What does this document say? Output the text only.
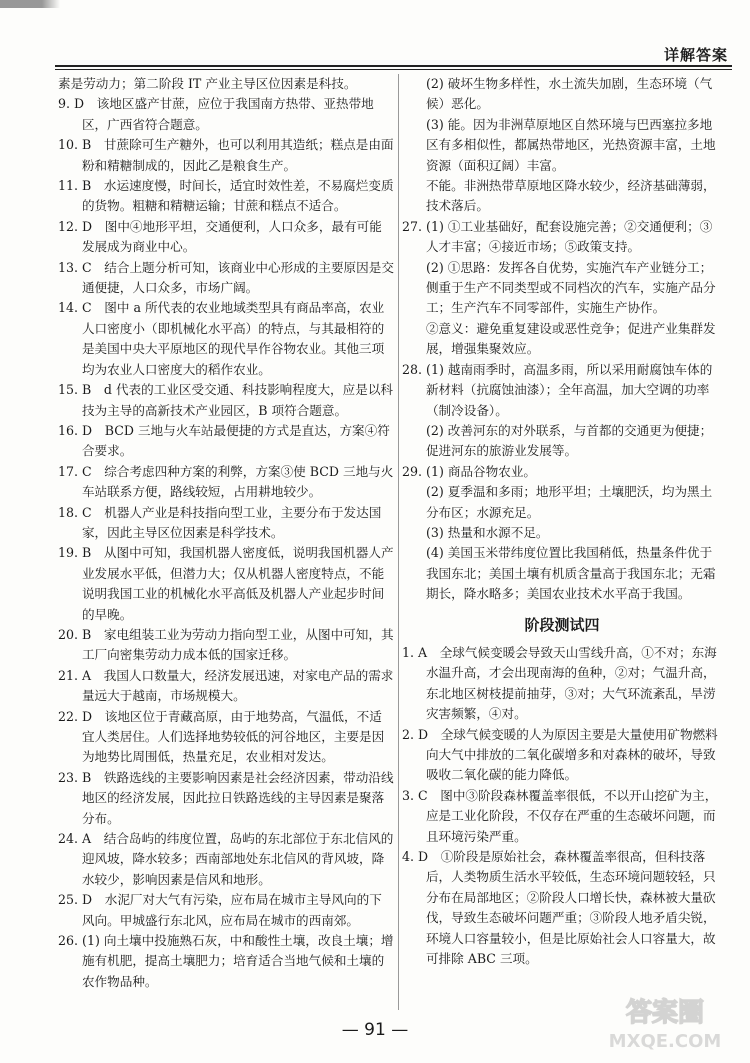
详解答案

素是劳动力；第二阶段 IT 产业主导区位因素是科技。

9. D　该地区盛产甘蔗，应位于我国南方热带、亚热带地区，广西省符合题意。

10. B　甘蔗除可生产糖外，也可以利用其造纸；糕点是由面粉和精糖制成的，因此乙是粮食生产。

11. B　水运速度慢，时间长，适宜时效性差，不易腐烂变质的货物。粗糖和精糖运输；甘蔗和糕点不适合。

12. D　图中④地形平坦，交通便利，人口众多，最有可能发展成为商业中心。

13. C　结合上题分析可知，该商业中心形成的主要原因是交通便捷，人口众多，市场广阔。

14. C　图中 a 所代表的农业地域类型具有商品率高，农业人口密度小（即机械化水平高）的特点，与其最相符的是美国中央大平原地区的现代旱作谷物农业。其他三项均为农业人口密度大的稻作农业。

15. B　d 代表的工业区受交通、科技影响程度大，应是以科技为主导的高新技术产业园区，B 项符合题意。

16. D　BCD 三地与火车站最便捷的方式是直达，方案④符合要求。

17. C　综合考虑四种方案的利弊，方案③使 BCD 三地与火车站联系方便，路线较短，占用耕地较少。

18. C　机器人产业是科技指向型工业，主要分布于发达国家，因此主导区位因素是科学技术。

19. B　从图中可知，我国机器人密度低，说明我国机器人产业发展水平低，但潜力大；仅从机器人密度特点，不能说明我国工业的机械化水平高低及机器人产业起步时间的早晚。

20. B　家电组装工业为劳动力指向型工业，从图中可知，其工厂向密集劳动力成本低的国家迁移。

21. A　我国人口数量大，经济发展迅速，对家电产品的需求量远大于越南，市场规模大。

22. D　该地区位于青藏高原，由于地势高，气温低，不适宜人类居住。人们选择地势较低的河谷地区，主要是因为地势比周围低，热量充足，农业相对发达。

23. B　铁路选线的主要影响因素是社会经济因素，带动沿线地区的经济发展，因此拉日铁路选线的主导因素是聚落分布。

24. A　结合岛屿的纬度位置，岛屿的东北部位于东北信风的迎风坡，降水较多；西南部地处东北信风的背风坡，降水较少，影响因素是信风和地形。

25. D　水泥厂对大气有污染，应布局在城市主导风向的下风向。甲城盛行东北风，应布局在城市的西南郊。

26. (1) 向土壤中投施熟石灰，中和酸性土壤，改良土壤；增施有机肥，提高土壤肥力；培育适合当地气候和土壤的农作物品种。

(2) 破坏生物多样性，水土流失加剧，生态环境（气候）恶化。

(3) 能。因为非洲草原地区自然环境与巴西塞拉多地区有多相似性，都属热带地区，光热资源丰富，土地资源（面积辽阔）丰富。

不能。非洲热带草原地区降水较少，经济基础薄弱，技术落后。

27. (1) ①工业基础好，配套设施完善；②交通便利；③人才丰富；④接近市场；⑤政策支持。

(2) ①思路：发挥各自优势，实施汽车产业链分工；侧重于生产不同类型或不同档次的汽车，实施产品分工；生产汽车不同零部件，实施生产协作。

②意义：避免重复建设或恶性竞争；促进产业集群发展，增强集聚效应。

28. (1) 越南雨季时，高温多雨，所以采用耐腐蚀车体的新材料（抗腐蚀油漆）；全年高温，加大空调的功率（制冷设备）。

(2) 改善河东的对外联系，与首都的交通更为便捷；促进河东的旅游业发展等。

29. (1) 商品谷物农业。

(2) 夏季温和多雨；地形平坦；土壤肥沃，均为黑土分布区；水源充足。

(3) 热量和水源不足。

(4) 美国玉米带纬度位置比我国稍低，热量条件优于我国东北；美国土壤有机质含量高于我国东北；无霜期长，降水略多；美国农业技术水平高于我国。

阶段测试四

1. A　全球气候变暖会导致天山雪线升高，①不对；东海水温升高，才会出现南海的鱼种，②对；气温升高，东北地区树枝提前抽芽，③对；大气环流紊乱，旱涝灾害频繁，④对。

2. D　全球气候变暖的人为原因主要是大量使用矿物燃料向大气中排放的二氧化碳增多和对森林的破坏，导致吸收二氧化碳的能力降低。

3. C　图中③阶段森林覆盖率很低，不以开山挖矿为主，应是工业化阶段，不仅存在严重的生态破坏问题，而且环境污染严重。

4. D　①阶段是原始社会，森林覆盖率很高，但科技落后，人类物质生活水平较低，生态环境问题较轻，只分布在局部地区；②阶段人口增长快，森林被大量砍伐，导致生态破坏问题严重；③阶段人地矛盾尖锐，环境人口容量较小，但是比原始社会人口容量大，故可排除 ABC 三项。

— 91 —
答案圈
MXQE.COM
